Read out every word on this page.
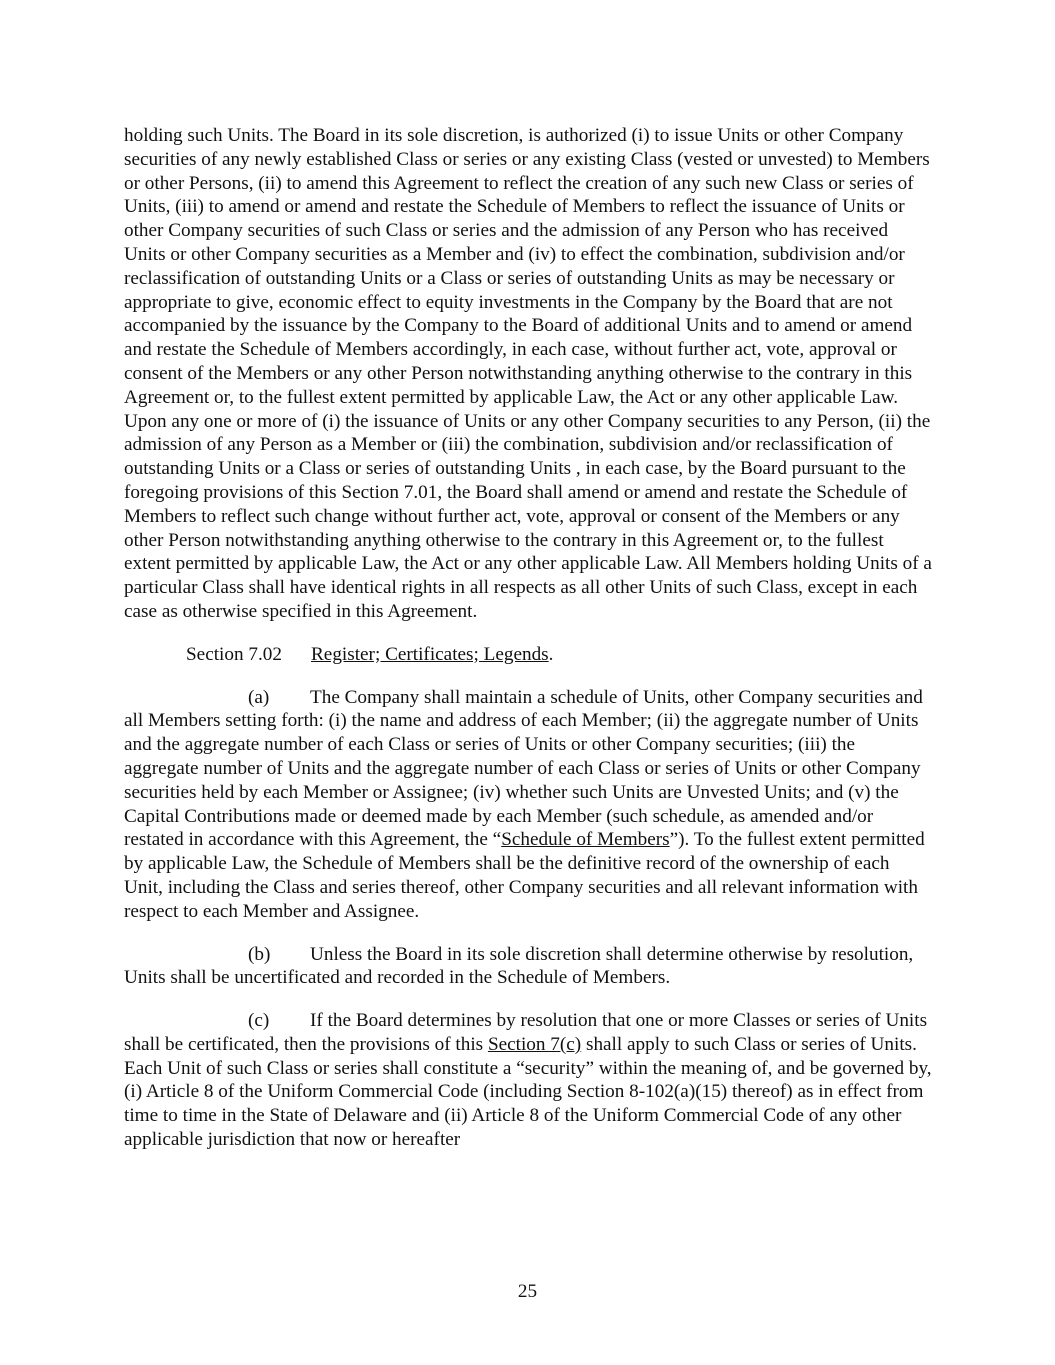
holding such Units. The Board in its sole discretion, is authorized (i) to issue Units or other Company securities of any newly established Class or series or any existing Class (vested or unvested) to Members or other Persons, (ii) to amend this Agreement to reflect the creation of any such new Class or series of Units, (iii) to amend or amend and restate the Schedule of Members to reflect the issuance of Units or other Company securities of such Class or series and the admission of any Person who has received Units or other Company securities as a Member and (iv) to effect the combination, subdivision and/or reclassification of outstanding Units or a Class or series of outstanding Units as may be necessary or appropriate to give, economic effect to equity investments in the Company by the Board that are not accompanied by the issuance by the Company to the Board of additional Units and to amend or amend and restate the Schedule of Members accordingly, in each case, without further act, vote, approval or consent of the Members or any other Person notwithstanding anything otherwise to the contrary in this Agreement or, to the fullest extent permitted by applicable Law, the Act or any other applicable Law. Upon any one or more of (i) the issuance of Units or any other Company securities to any Person, (ii) the admission of any Person as a Member or (iii) the combination, subdivision and/or reclassification of outstanding Units or a Class or series of outstanding Units , in each case, by the Board pursuant to the foregoing provisions of this Section 7.01, the Board shall amend or amend and restate the Schedule of Members to reflect such change without further act, vote, approval or consent of the Members or any other Person notwithstanding anything otherwise to the contrary in this Agreement or, to the fullest extent permitted by applicable Law, the Act or any other applicable Law. All Members holding Units of a particular Class shall have identical rights in all respects as all other Units of such Class, except in each case as otherwise specified in this Agreement.

Section 7.02 Register; Certificates; Legends.

(a) The Company shall maintain a schedule of Units, other Company securities and all Members setting forth: (i) the name and address of each Member; (ii) the aggregate number of Units and the aggregate number of each Class or series of Units or other Company securities; (iii) the aggregate number of Units and the aggregate number of each Class or series of Units or other Company securities held by each Member or Assignee; (iv) whether such Units are Unvested Units; and (v) the Capital Contributions made or deemed made by each Member (such schedule, as amended and/or restated in accordance with this Agreement, the “Schedule of Members”). To the fullest extent permitted by applicable Law, the Schedule of Members shall be the definitive record of the ownership of each Unit, including the Class and series thereof, other Company securities and all relevant information with respect to each Member and Assignee.

(b) Unless the Board in its sole discretion shall determine otherwise by resolution, Units shall be uncertificated and recorded in the Schedule of Members.

(c) If the Board determines by resolution that one or more Classes or series of Units shall be certificated, then the provisions of this Section 7(c) shall apply to such Class or series of Units. Each Unit of such Class or series shall constitute a “security” within the meaning of, and be governed by, (i) Article 8 of the Uniform Commercial Code (including Section 8-102(a)(15) thereof) as in effect from time to time in the State of Delaware and (ii) Article 8 of the Uniform Commercial Code of any other applicable jurisdiction that now or hereafter

25
